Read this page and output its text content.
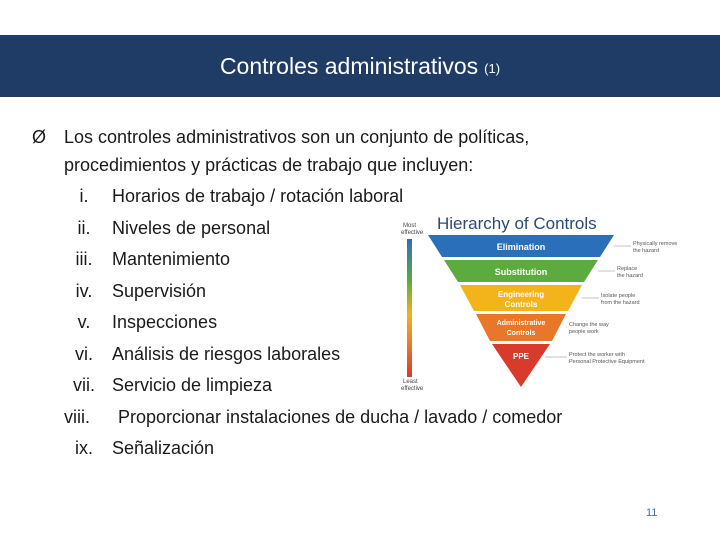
Controles administrativos (1)
Ø Los controles administrativos son un conjunto de políticas, procedimientos y prácticas de trabajo que incluyen:
i.	Horarios de trabajo / rotación laboral
ii.	Niveles de personal
iii.	Mantenimiento
iv.	Supervisión
v.	Inspecciones
vi.	Análisis de riesgos laborales
vii. Servicio de limpieza
viii. Proporcionar instalaciones de ducha / lavado / comedor
ix.	Señalización
Hierarchy of Controls
Most
effective
Least
effective
Elimination
Substitution
Engineering
Controls
Administrative
Controls
PPE
Physically remove
the hazard
Replace
the hazard
Isolate people
from the hazard
Change the way
people work
Protect the worker with
Personal Protective Equipment
11
